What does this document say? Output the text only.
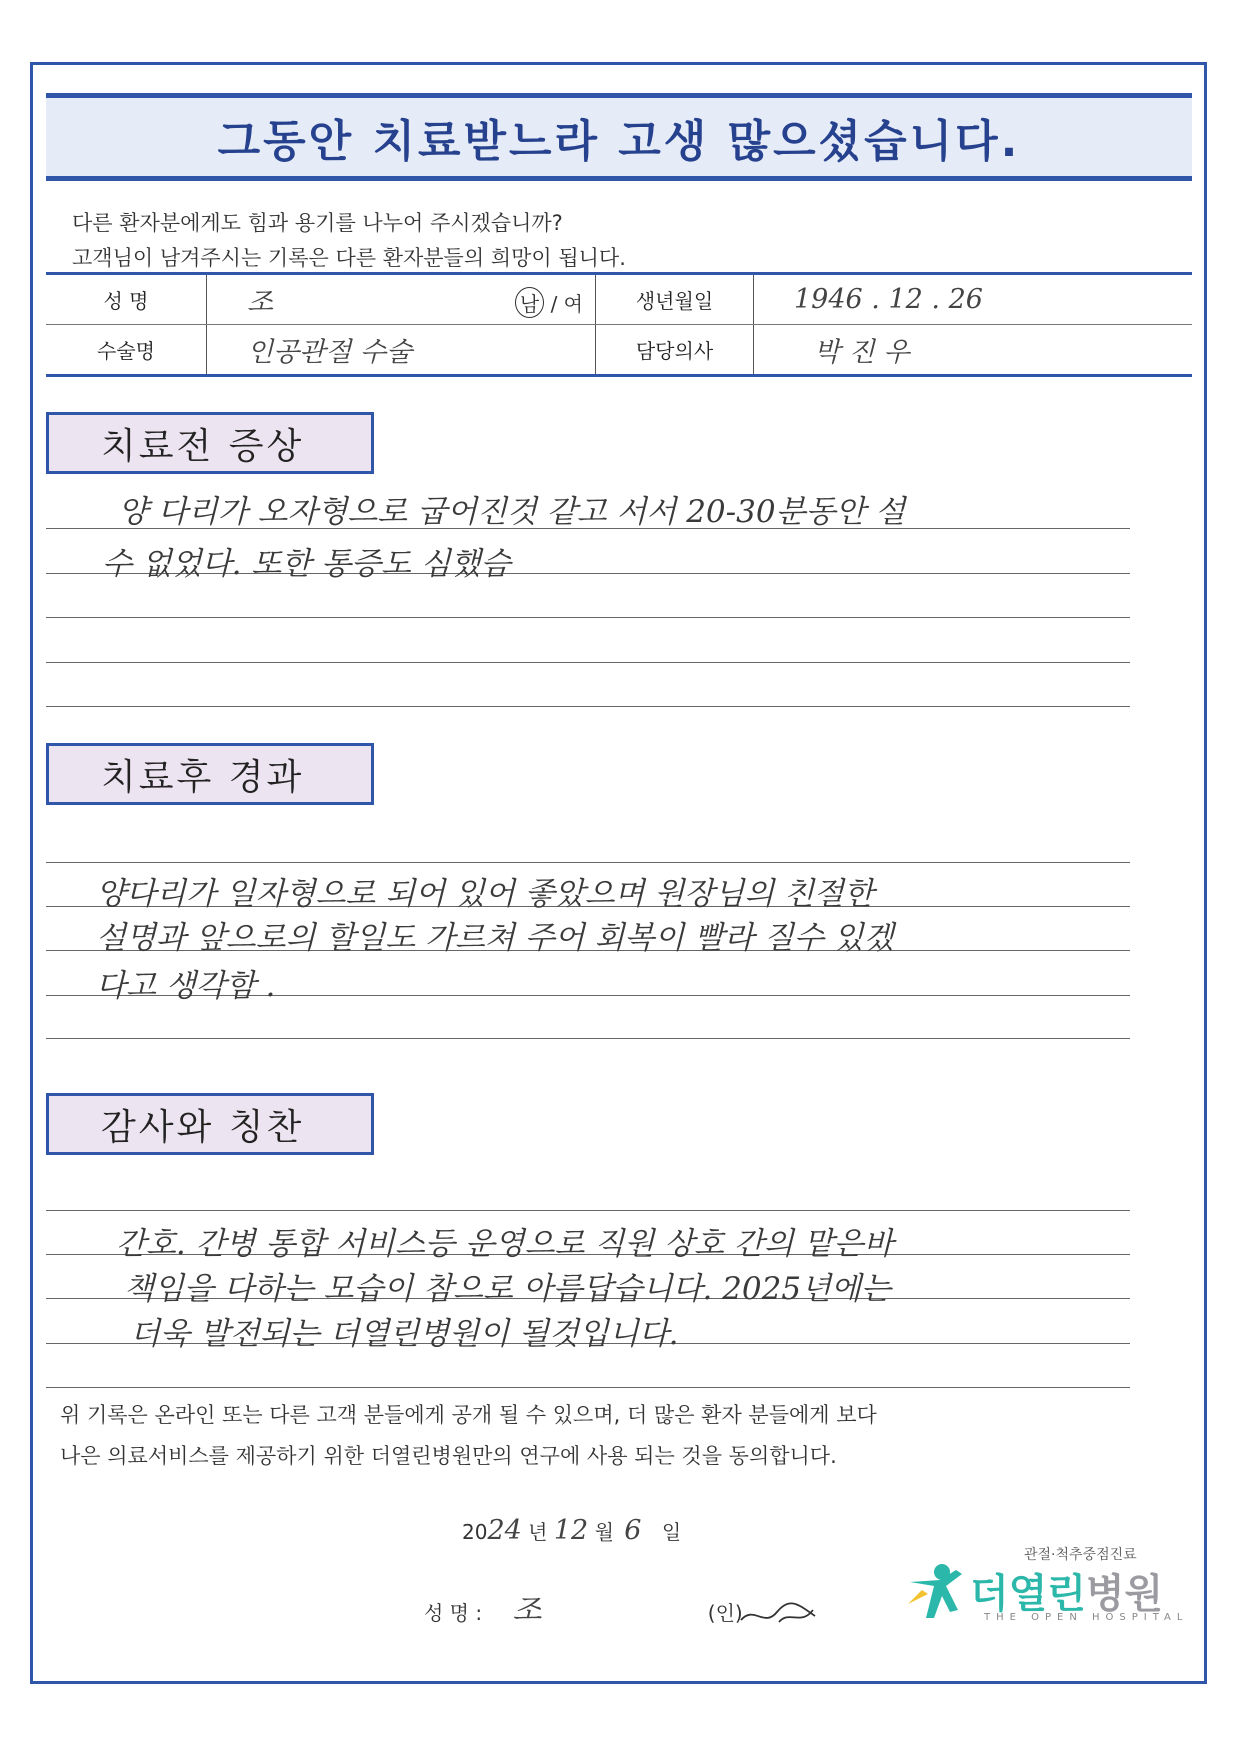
그동안 치료받느라 고생 많으셨습니다.
다른 환자분에게도 힘과 용기를 나누어 주시겠습니까?
고객님이 남겨주시는 기록은 다른 환자분들의 희망이 됩니다.
성 명	조 남 / 여	생년월일	1946 . 12 . 26
수술명	인공관절 수술	담당의사	박 진 우
치료전 증상
양 다리가 오자형으로 굽어진것 같고 서서 20-30분동안 설
수 없었다. 또한 통증도 심했슴
치료후 경과
양다리가 일자형으로 되어 있어 좋았으며 원장님의 친절한
설명과 앞으로의 할일도 가르쳐 주어 회복이 빨라 질수 있겠
다고 생각함 .
감사와 칭찬
간호. 간병 통합 서비스등 운영으로 직원 상호 간의 맡은바
책임을 다하는 모습이 참으로 아름답습니다. 2025년에는
더욱 발전되는 더열린병원이 될것입니다.
위 기록은 온라인 또는 다른 고객 분들에게 공개 될 수 있으며, 더 많은 환자 분들에게 보다
나은 의료서비스를 제공하기 위한 더열린병원만의 연구에 사용 되는 것을 동의합니다.
2024 년 12 월 6 일
성 명 : 조	(인)
관절·척추중점진료
더열린병원
THE OPEN HOSPITAL
